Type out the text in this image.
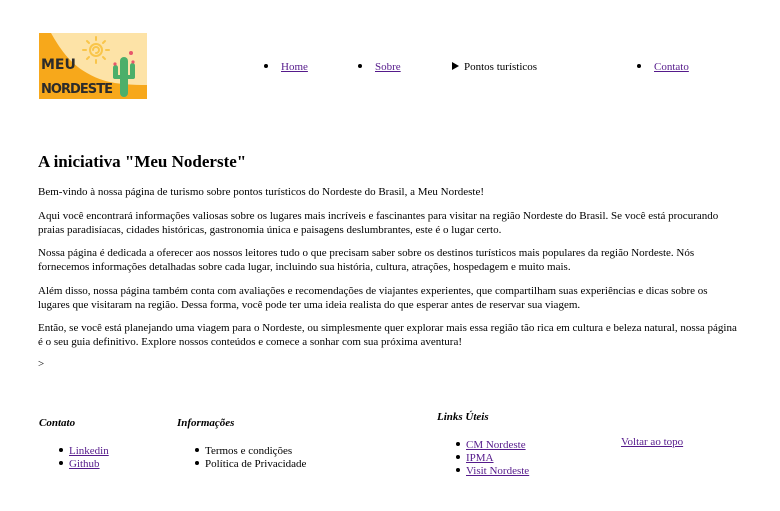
MEU
NORDESTE
Home	Sobre	Pontos turísticos	Contato
A iniciativa "Meu Noderste"

Bem-vindo à nossa página de turismo sobre pontos turísticos do Nordeste do Brasil, a Meu Nordeste!

Aqui você encontrará informações valiosas sobre os lugares mais incríveis e fascinantes para visitar na região Nordeste do Brasil. Se você está procurando praias paradisíacas, cidades históricas, gastronomia única e paisagens deslumbrantes, este é o lugar certo.

Nossa página é dedicada a oferecer aos nossos leitores tudo o que precisam saber sobre os destinos turísticos mais populares da região Nordeste. Nós fornecemos informações detalhadas sobre cada lugar, incluindo sua história, cultura, atrações, hospedagem e muito mais.

Além disso, nossa página também conta com avaliações e recomendações de viajantes experientes, que compartilham suas experiências e dicas sobre os lugares que visitaram na região. Dessa forma, você pode ter uma ideia realista do que esperar antes de reservar sua viagem.

Então, se você está planejando uma viagem para o Nordeste, ou simplesmente quer explorar mais essa região tão rica em cultura e beleza natural, nossa página é o seu guia definitivo. Explore nossos conteúdos e comece a sonhar com sua próxima aventura!

>

Contato
Linkedin
Github
Informações
Termos e condições
Política de Privacidade
Links Úteis
CM Nordeste
IPMA
Visit Nordeste
Voltar ao topo
